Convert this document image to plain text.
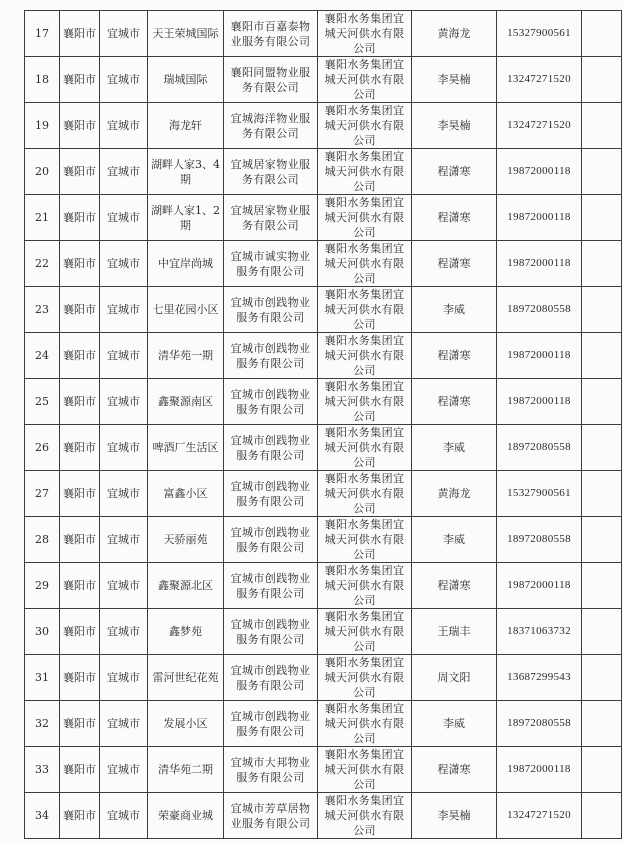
17	襄阳市	宜城市	天王荣城国际	襄阳市百嘉泰物业服务有限公司	襄阳水务集团宜城天河供水有限公司	黄海龙	15327900561	
18	襄阳市	宜城市	瑞城国际	襄阳同盟物业服务有限公司	襄阳水务集团宜城天河供水有限公司	李昊楠	13247271520	
19	襄阳市	宜城市	海龙轩	宜城海洋物业服务有限公司	襄阳水务集团宜城天河供水有限公司	李昊楠	13247271520	
20	襄阳市	宜城市	湖畔人家3、4期	宜城居家物业服务有限公司	襄阳水务集团宜城天河供水有限公司	程潇寒	19872000118	
21	襄阳市	宜城市	湖畔人家1、2期	宜城居家物业服务有限公司	襄阳水务集团宜城天河供水有限公司	程潇寒	19872000118	
22	襄阳市	宜城市	中宜岸尚城	宜城市诚实物业服务有限公司	襄阳水务集团宜城天河供水有限公司	程潇寒	19872000118	
23	襄阳市	宜城市	七里花园小区	宜城市创践物业服务有限公司	襄阳水务集团宜城天河供水有限公司	李威	18972080558	
24	襄阳市	宜城市	清华苑一期	宜城市创践物业服务有限公司	襄阳水务集团宜城天河供水有限公司	程潇寒	19872000118	
25	襄阳市	宜城市	鑫聚源南区	宜城市创践物业服务有限公司	襄阳水务集团宜城天河供水有限公司	程潇寒	19872000118	
26	襄阳市	宜城市	啤酒厂生活区	宜城市创践物业服务有限公司	襄阳水务集团宜城天河供水有限公司	李威	18972080558	
27	襄阳市	宜城市	富鑫小区	宜城市创践物业服务有限公司	襄阳水务集团宜城天河供水有限公司	黄海龙	15327900561	
28	襄阳市	宜城市	天骄丽苑	宜城市创践物业服务有限公司	襄阳水务集团宜城天河供水有限公司	李威	18972080558	
29	襄阳市	宜城市	鑫聚源北区	宜城市创践物业服务有限公司	襄阳水务集团宜城天河供水有限公司	程潇寒	19872000118	
30	襄阳市	宜城市	鑫梦苑	宜城市创践物业服务有限公司	襄阳水务集团宜城天河供水有限公司	王瑞丰	18371063732	
31	襄阳市	宜城市	雷河世纪花苑	宜城市创践物业服务有限公司	襄阳水务集团宜城天河供水有限公司	周文阳	13687299543	
32	襄阳市	宜城市	发展小区	宜城市创践物业服务有限公司	襄阳水务集团宜城天河供水有限公司	李威	18972080558	
33	襄阳市	宜城市	清华苑二期	宜城市大邦物业服务有限公司	襄阳水务集团宜城天河供水有限公司	程潇寒	19872000118	
34	襄阳市	宜城市	荣豪商业城	宜城市芳草居物业服务有限公司	襄阳水务集团宜城天河供水有限公司	李昊楠	13247271520	
